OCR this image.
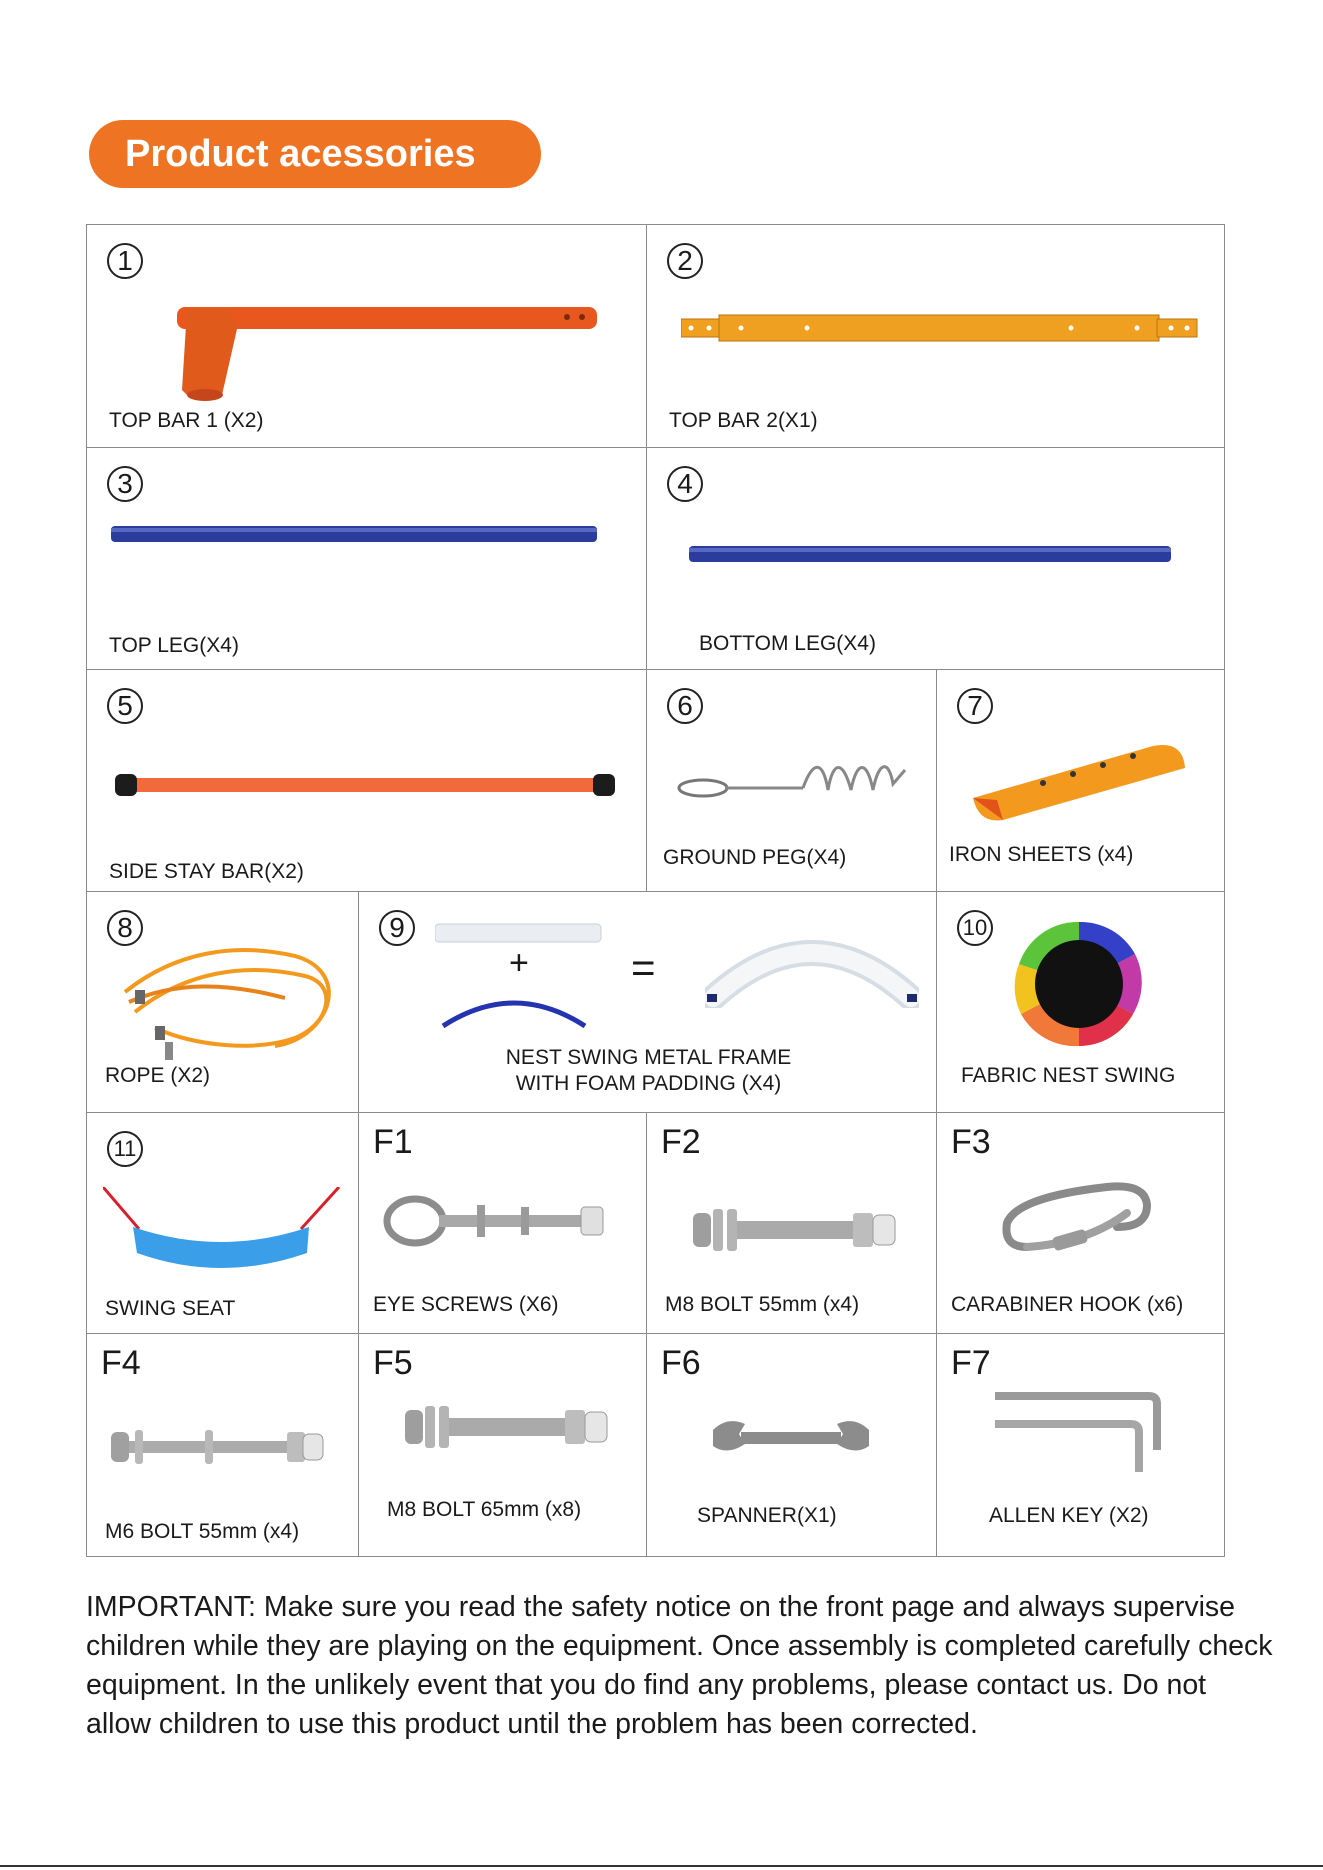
Product acessories
1
TOP BAR 1 (X2)
2
TOP BAR 2(X1)
3
TOP LEG(X4)
4
BOTTOM LEG(X4)
5
SIDE STAY BAR(X2)
6
GROUND PEG(X4)
7
IRON SHEETS (x4)
8
ROPE (X2)
9
+ =
NEST SWING METAL FRAME
WITH FOAM PADDING (X4)
10
FABRIC NEST SWING
11
SWING SEAT
F1
EYE SCREWS (X6)
F2
M8 BOLT 55mm (x4)
F3
CARABINER HOOK (x6)
F4
M6 BOLT 55mm (x4)
F5
M8 BOLT 65mm (x8)
F6
SPANNER(X1)
F7
ALLEN KEY (X2)
IMPORTANT: Make sure you read the safety notice on the front page and always supervise children while they are playing on the equipment. Once assembly is completed carefully check equipment. In the unlikely event that you do find any problems, please contact us. Do not allow children to use this product until the problem has been corrected.
